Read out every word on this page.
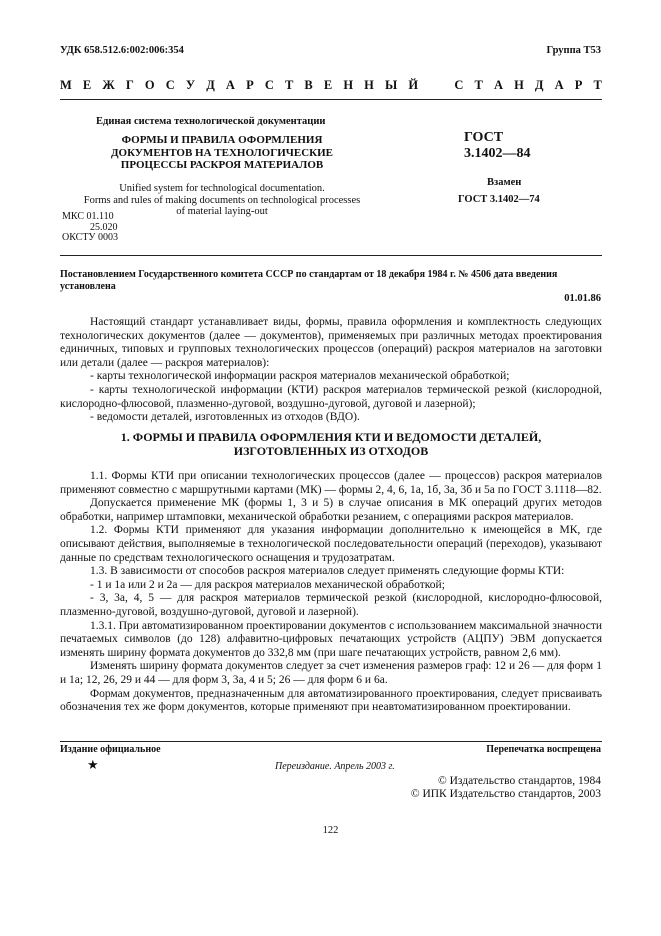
УДК 658.512.6:002:006:354	Группа Т53
М Е Ж Г О С У Д А Р С Т В Е Н Н Ы Й	С Т А Н Д А Р Т
Единая система технологической документации
ФОРМЫ И ПРАВИЛА ОФОРМЛЕНИЯ
ДОКУМЕНТОВ НА ТЕХНОЛОГИЧЕСКИЕ
ПРОЦЕССЫ РАСКРОЯ МАТЕРИАЛОВ
ГОСТ
3.1402—84
Unified system for technological documentation.
Forms and rules of making documents on technological processes
of material laying-out
Взамен
ГОСТ 3.1402—74
МКС 01.110
25.020
ОКСТУ 0003
Постановлением Государственного комитета СССР по стандартам от 18 декабря 1984 г. № 4506 дата введения установлена
01.01.86

Настоящий стандарт устанавливает виды, формы, правила оформления и комплектность следующих технологических документов (далее — документов), применяемых при различных методах проектирования единичных, типовых и групповых технологических процессов (операций) раскроя материалов на заготовки или детали (далее — раскроя материалов):

- карты технологической информации раскроя материалов механической обработкой;

- карты технологической информации (КТИ) раскроя материалов термической резкой (кислородной, кислородно-флюсовой, плазменно-дуговой, воздушно-дуговой, дуговой и лазерной);

- ведомости деталей, изготовленных из отходов (ВДО).

1. ФОРМЫ И ПРАВИЛА ОФОРМЛЕНИЯ КТИ И ВЕДОМОСТИ ДЕТАЛЕЙ,
ИЗГОТОВЛЕННЫХ ИЗ ОТХОДОВ

1.1. Формы КТИ при описании технологических процессов (далее — процессов) раскроя материалов применяют совместно с маршрутными картами (МК) — формы 2, 4, 6, 1а, 1б, 3а, 3б и 5а по ГОСТ 3.1118—82.

Допускается применение МК (формы 1, 3 и 5) в случае описания в МК операций других методов обработки, например штамповки, механической обработки резанием, с операциями раскроя материалов.

1.2. Формы КТИ применяют для указания информации дополнительно к имеющейся в МК, где описывают действия, выполняемые в технологической последовательности операций (переходов), указывают данные по средствам технологического оснащения и трудозатратам.

1.3. В зависимости от способов раскроя материалов следует применять следующие формы КТИ:

- 1 и 1а или 2 и 2а — для раскроя материалов механической обработкой;

- 3, 3а, 4, 5 — для раскроя материалов термической резкой (кислородной, кислородно-флюсовой, плазменно-дуговой, воздушно-дуговой, дуговой и лазерной).

1.3.1. При автоматизированном проектировании документов с использованием максимальной значности печатаемых символов (до 128) алфавитно-цифровых печатающих устройств (АЦПУ) ЭВМ допускается изменять ширину формата документов до 332,8 мм (при шаге печатающих устройств, равном 2,6 мм).

Изменять ширину формата документов следует за счет изменения размеров граф: 12 и 26 — для форм 1 и 1а; 12, 26, 29 и 44 — для форм 3, 3а, 4 и 5; 26 — для форм 6 и 6а.

Формам документов, предназначенным для автоматизированного проектирования, следует присваивать обозначения тех же форм документов, которые применяют при неавтоматизированном проектировании.

Издание официальное	Перепечатка воспрещена
★	Переиздание. Апрель 2003 г.
© Издательство стандартов, 1984
© ИПК Издательство стандартов, 2003
122
